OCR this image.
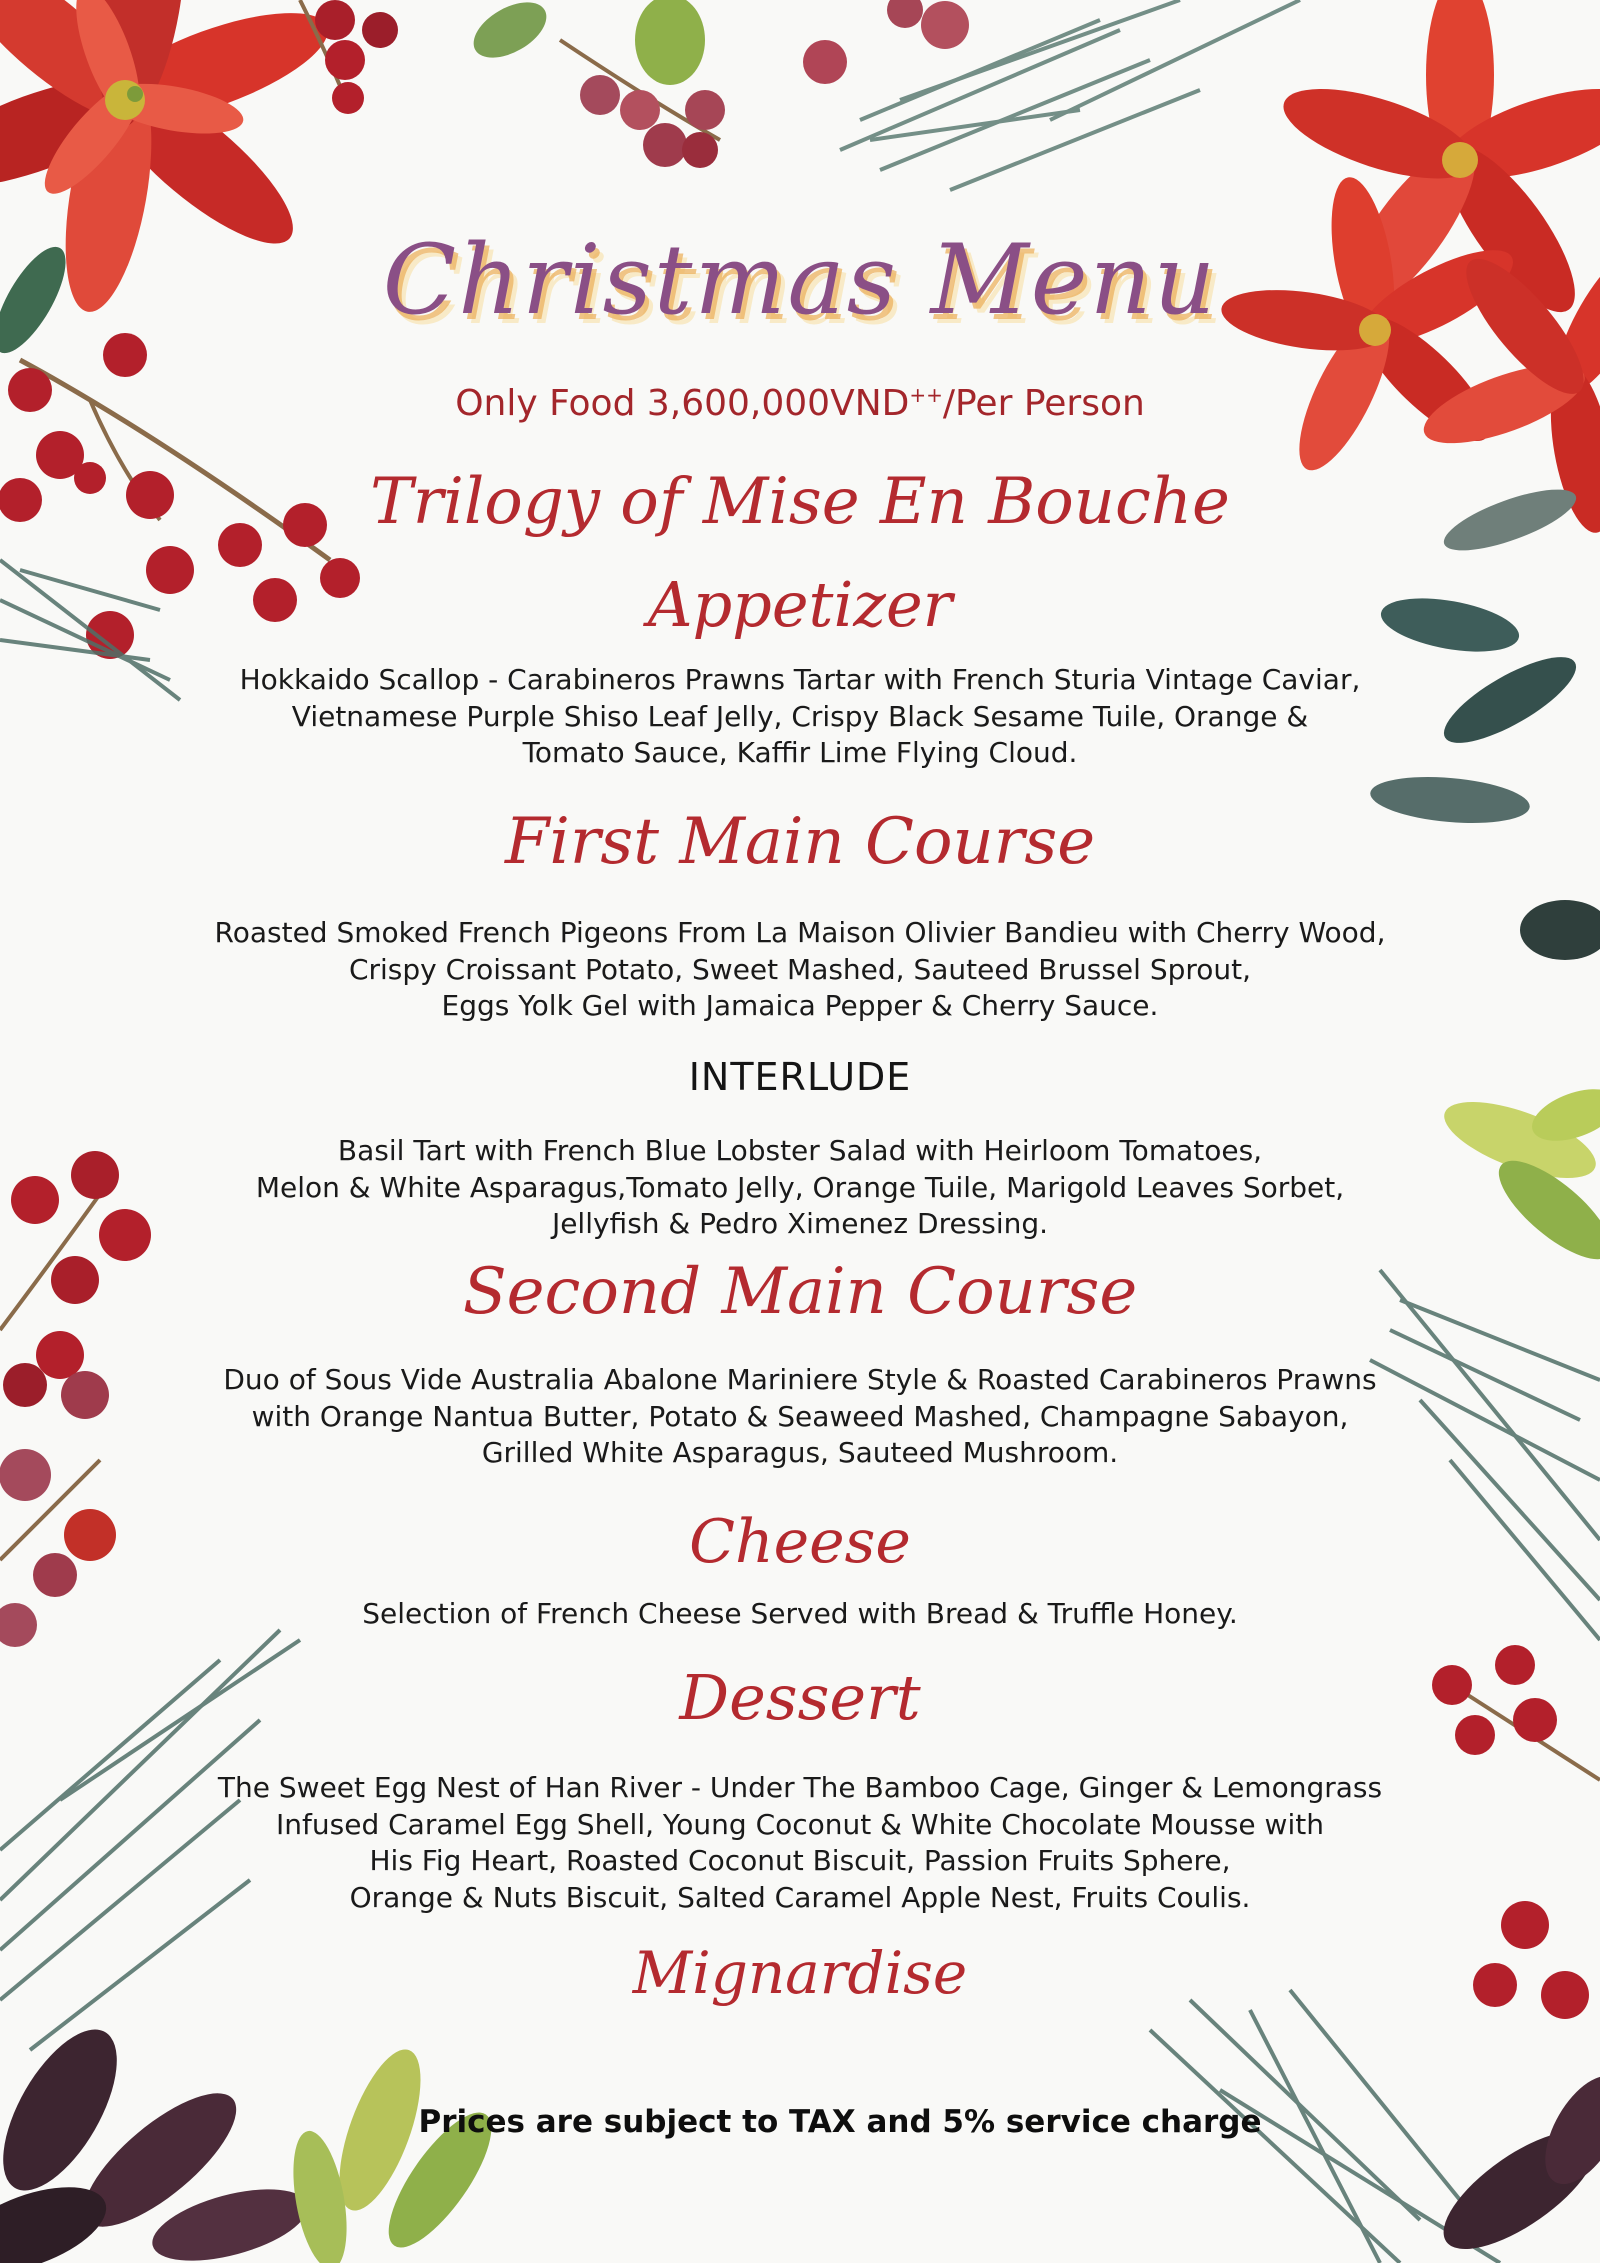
Christmas Menu
Only Food 3,600,000VND++/Per Person
Trilogy of Mise En Bouche
Appetizer
Hokkaido Scallop - Carabineros Prawns Tartar with French Sturia Vintage Caviar,
Vietnamese Purple Shiso Leaf Jelly, Crispy Black Sesame Tuile, Orange &
Tomato Sauce, Kaffir Lime Flying Cloud.
First Main Course
Roasted Smoked French Pigeons From La Maison Olivier Bandieu with Cherry Wood,
Crispy Croissant Potato, Sweet Mashed, Sauteed Brussel Sprout,
Eggs Yolk Gel with Jamaica Pepper & Cherry Sauce.
INTERLUDE
Basil Tart with French Blue Lobster Salad with Heirloom Tomatoes,
Melon & White Asparagus,Tomato Jelly, Orange Tuile, Marigold Leaves Sorbet,
Jellyfish & Pedro Ximenez Dressing.
Second Main Course
Duo of Sous Vide Australia Abalone Mariniere Style & Roasted Carabineros Prawns
with Orange Nantua Butter, Potato & Seaweed Mashed, Champagne Sabayon,
Grilled White Asparagus, Sauteed Mushroom.
Cheese
Selection of French Cheese Served with Bread & Truffle Honey.
Dessert
The Sweet Egg Nest of Han River - Under The Bamboo Cage, Ginger & Lemongrass
Infused Caramel Egg Shell, Young Coconut & White Chocolate Mousse with
His Fig Heart, Roasted Coconut Biscuit, Passion Fruits Sphere,
Orange & Nuts Biscuit, Salted Caramel Apple Nest, Fruits Coulis.
Mignardise
Prices are subject to TAX and 5% service charge
